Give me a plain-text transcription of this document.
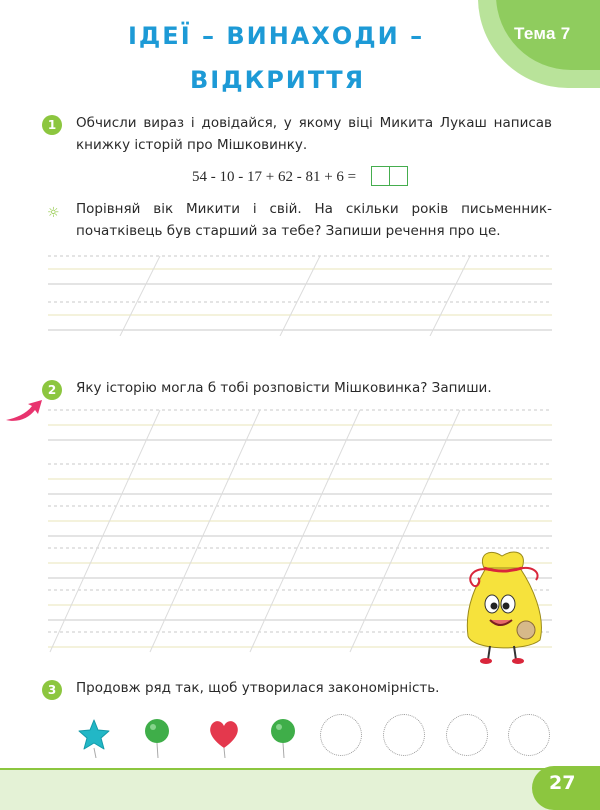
Тема 7
ІДЕЇ – ВИНАХОДИ –
ВІДКРИТТЯ
1	Обчисли вираз і довідайся, у якому віці Микита Лукаш написав книжку історій про Мішковинку.
54 - 10 - 17 + 62 - 81 + 6 =
☼ Порівняй вік Микити і свій. На скільки років письменник-початківець був старший за тебе? Запиши речення про це.
2	Яку історію могла б тобі розповісти Мішковинка? Запиши.
3	Продовж ряд так, щоб утворилася закономірність.
27
